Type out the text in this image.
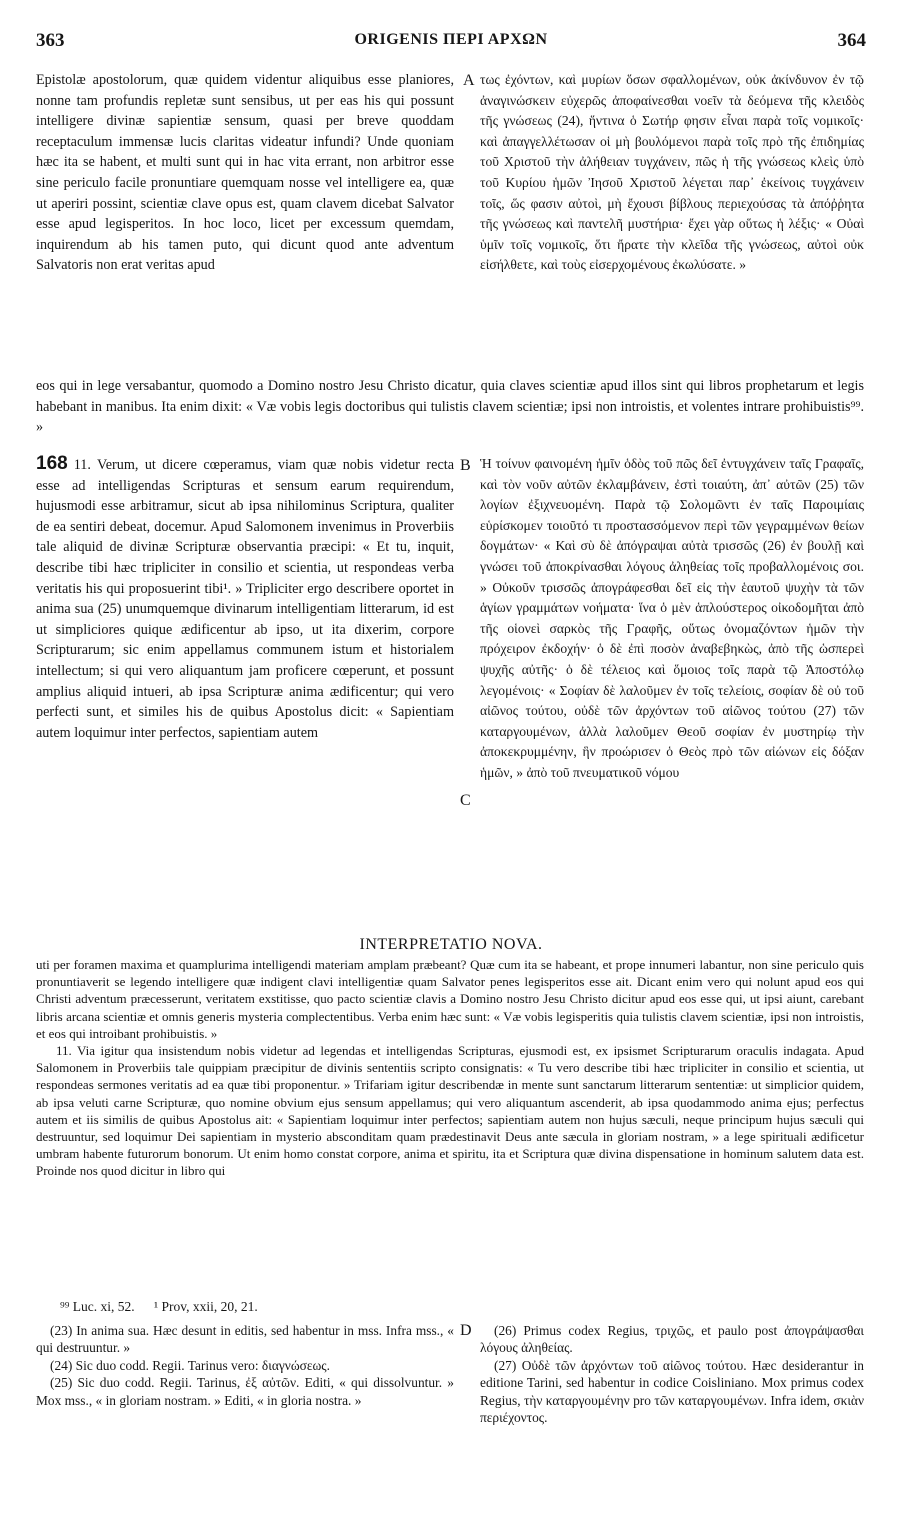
363	ORIGENIS ΠΕΡΙ ΑΡΧΩΝ	364
A
B
C
D

Epistolæ apostolorum, quæ quidem videntur aliquibus esse planiores, nonne tam profundis repletæ sunt sensibus, ut per eas his qui possunt intelligere divinæ sapientiæ sensum, quasi per breve quoddam receptaculum immensæ lucis claritas videatur infundi? Unde quoniam hæc ita se habent, et multi sunt qui in hac vita errant, non arbitror esse sine periculo facile pronuntiare quemquam nosse vel intelligere ea, quæ ut aperiri possint, scientiæ clave opus est, quam clavem dicebat Salvator esse apud legisperitos. In hoc loco, licet per excessum quemdam, inquirendum ab his tamen puto, qui dicunt quod ante adventum Salvatoris non erat veritas apud

τως ἐχόντων, καὶ μυρίων ὅσων σφαλλομένων, οὐκ ἀκίνδυνον ἐν τῷ ἀναγινώσκειν εὐχερῶς ἀποφαίνεσθαι νοεῖν τὰ δεόμενα τῆς κλειδὸς τῆς γνώσεως (24), ἥντινα ὁ Σωτήρ φησιν εἶναι παρὰ τοῖς νομικοῖς· καὶ ἀπαγγελλέτωσαν οἱ μὴ βουλόμενοι παρὰ τοῖς πρὸ τῆς ἐπιδημίας τοῦ Χριστοῦ τὴν ἀλήθειαν τυγχάνειν, πῶς ἡ τῆς γνώσεως κλεὶς ὑπὸ τοῦ Κυρίου ἡμῶν Ἰησοῦ Χριστοῦ λέγεται παρ᾽ ἐκείνοις τυγχάνειν τοῖς, ὥς φασιν αὐτοὶ, μὴ ἔχουσι βίβλους περιεχούσας τὰ ἀπόῤῥητα τῆς γνώσεως καὶ παντελῆ μυστήρια· ἔχει γὰρ οὕτως ἡ λέξις· « Οὐαὶ ὑμῖν τοῖς νομικοῖς, ὅτι ἤρατε τὴν κλεῖδα τῆς γνώσεως, αὐτοὶ οὐκ εἰσήλθετε, καὶ τοὺς εἰσερχομένους ἐκωλύσατε. »

eos qui in lege versabantur, quomodo a Domino nostro Jesu Christo dicatur, quia claves scientiæ apud illos sint qui libros prophetarum et legis habebant in manibus. Ita enim dixit: « Væ vobis legis doctoribus qui tulistis clavem scientiæ; ipsi non introistis, et volentes intrare prohibuistis⁹⁹. »

168 11. Verum, ut dicere cœperamus, viam quæ nobis videtur recta esse ad intelligendas Scripturas et sensum earum requirendum, hujusmodi esse arbitramur, sicut ab ipsa nihilominus Scriptura, qualiter de ea sentiri debeat, docemur. Apud Salomonem invenimus in Proverbiis tale aliquid de divinæ Scripturæ observantia præcipi: « Et tu, inquit, describe tibi hæc tripliciter in consilio et scientia, ut respondeas verba veritatis his qui proposuerint tibi¹. » Tripliciter ergo describere oportet in anima sua (25) unumquemque divinarum intelligentiam litterarum, id est ut simpliciores quique ædificentur ab ipso, ut ita dixerim, corpore Scripturarum; sic enim appellamus communem istum et historialem intellectum; si qui vero aliquantum jam proficere cœperunt, et possunt amplius aliquid intueri, ab ipsa Scripturæ anima ædificentur; qui vero perfecti sunt, et similes his de quibus Apostolus dicit: « Sapientiam autem loquimur inter perfectos, sapientiam autem

Ἡ τοίνυν φαινομένη ἡμῖν ὁδὸς τοῦ πῶς δεῖ ἐντυγχάνειν ταῖς Γραφαῖς, καὶ τὸν νοῦν αὐτῶν ἐκλαμβάνειν, ἐστὶ τοιαύτη, ἀπ᾽ αὐτῶν (25) τῶν λογίων ἐξιχνευομένη. Παρὰ τῷ Σολομῶντι ἐν ταῖς Παροιμίαις εὑρίσκομεν τοιοῦτό τι προστασσόμενον περὶ τῶν γεγραμμένων θείων δογμάτων· « Καὶ σὺ δὲ ἀπόγραψαι αὐτὰ τρισσῶς (26) ἐν βουλῇ καὶ γνώσει τοῦ ἀποκρίνασθαι λόγους ἀληθείας τοῖς προβαλλομένοις σοι. » Οὐκοῦν τρισσῶς ἀπογράφεσθαι δεῖ εἰς τὴν ἑαυτοῦ ψυχὴν τὰ τῶν ἁγίων γραμμάτων νοήματα· ἵνα ὁ μὲν ἁπλούστερος οἰκοδομῆται ἀπὸ τῆς οἱονεὶ σαρκὸς τῆς Γραφῆς, οὕτως ὀνομαζόντων ἡμῶν τὴν πρόχειρον ἐκδοχήν· ὁ δὲ ἐπὶ ποσὸν ἀναβεβηκὼς, ἀπὸ τῆς ὡσπερεὶ ψυχῆς αὐτῆς· ὁ δὲ τέλειος καὶ ὅμοιος τοῖς παρὰ τῷ Ἀποστόλῳ λεγομένοις· « Σοφίαν δὲ λαλοῦμεν ἐν τοῖς τελείοις, σοφίαν δὲ οὐ τοῦ αἰῶνος τούτου, οὐδὲ τῶν ἀρχόντων τοῦ αἰῶνος τούτου (27) τῶν καταργουμένων, ἀλλὰ λαλοῦμεν Θεοῦ σοφίαν ἐν μυστηρίῳ τὴν ἀποκεκρυμμένην, ἣν προώρισεν ὁ Θεὸς πρὸ τῶν αἰώνων εἰς δόξαν ἡμῶν, » ἀπὸ τοῦ πνευματικοῦ νόμου

INTERPRETATIO NOVA.

uti per foramen maxima et quamplurima intelligendi materiam amplam præbeant? Quæ cum ita se habeant, et prope innumeri labantur, non sine periculo quis pronuntiaverit se legendo intelligere quæ indigent clavi intelligentiæ quam Salvator penes legisperitos esse ait. Dicant enim vero qui nolunt apud eos qui Christi adventum præcesserunt, veritatem exstitisse, quo pacto scientiæ clavis a Domino nostro Jesu Christo dicitur apud eos esse qui, ut ipsi aiunt, carebant libris arcana scientiæ et omnis generis mysteria complectentibus. Verba enim hæc sunt: « Væ vobis legisperitis quia tulistis clavem scientiæ, ipsi non introistis, et eos qui introibant prohibuistis. »

11. Via igitur qua insistendum nobis videtur ad legendas et intelligendas Scripturas, ejusmodi est, ex ipsismet Scripturarum oraculis indagata. Apud Salomonem in Proverbiis tale quippiam præcipitur de divinis sententiis scripto consignatis: « Tu vero describe tibi hæc tripliciter in consilio et scientia, ut respondeas sermones veritatis ad ea quæ tibi proponentur. » Trifariam igitur describendæ in mente sunt sanctarum litterarum sententiæ: ut simplicior quidem, ab ipsa veluti carne Scripturæ, quo nomine obvium ejus sensum appellamus; qui vero aliquantum ascenderit, ab ipsa quodammodo anima ejus; perfectus autem et iis similis de quibus Apostolus ait: « Sapientiam loquimur inter perfectos; sapientiam autem non hujus sæculi, neque principum hujus sæculi qui destruuntur, sed loquimur Dei sapientiam in mysterio absconditam quam prædestinavit Deus ante sæcula in gloriam nostram, » a lege spirituali ædificetur umbram habente futurorum bonorum. Ut enim homo constat corpore, anima et spiritu, ita et Scriptura quæ divina dispensatione in hominum salutem data est. Proinde nos quod dicitur in libro qui

⁹⁹ Luc. xi, 52. ¹ Prov, xxii, 20, 21.

(23) In anima sua. Hæc desunt in editis, sed habentur in mss. Infra mss., « qui destruuntur. »

(24) Sic duo codd. Regii. Tarinus vero: διαγνώσεως.

(25) Sic duo codd. Regii. Tarinus, ἐξ αὐτῶν. Editi, « qui dissolvuntur. » Mox mss., « in gloriam nostram. » Editi, « in gloria nostra. »

(26) Primus codex Regius, τριχῶς, et paulo post ἀπογράψασθαι λόγους ἀληθείας.

(27) Οὐδὲ τῶν ἀρχόντων τοῦ αἰῶνος τούτου. Hæc desiderantur in editione Tarini, sed habentur in codice Coisliniano. Mox primus codex Regius, τὴν καταργουμένην pro τῶν καταργουμένων. Infra idem, σκιὰν περιέχοντος.
